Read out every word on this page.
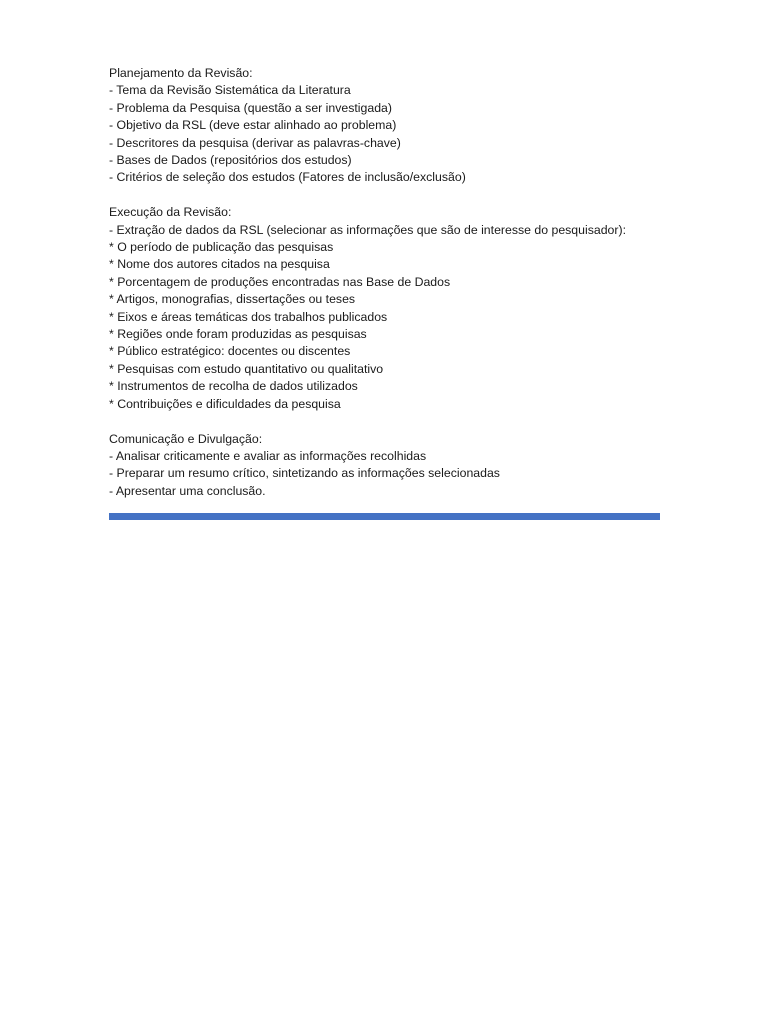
Planejamento da Revisão:
- Tema da Revisão Sistemática da Literatura
- Problema da Pesquisa (questão a ser investigada)
- Objetivo da RSL (deve estar alinhado ao problema)
- Descritores da pesquisa (derivar as palavras-chave)
- Bases de Dados (repositórios dos estudos)
- Critérios de seleção dos estudos (Fatores de inclusão/exclusão)
Execução da Revisão:
- Extração de dados da RSL (selecionar as informações que são de interesse do pesquisador):
* O período de publicação das pesquisas
* Nome dos autores citados na pesquisa
* Porcentagem de produções encontradas nas Base de Dados
* Artigos, monografias, dissertações ou teses
* Eixos e áreas temáticas dos trabalhos publicados
* Regiões onde foram produzidas as pesquisas
* Público estratégico: docentes ou discentes
* Pesquisas com estudo quantitativo ou qualitativo
* Instrumentos de recolha de dados utilizados
* Contribuições e dificuldades da pesquisa
Comunicação e Divulgação:
- Analisar criticamente e avaliar as informações recolhidas
- Preparar um resumo crítico, sintetizando as informações selecionadas
- Apresentar uma conclusão.
